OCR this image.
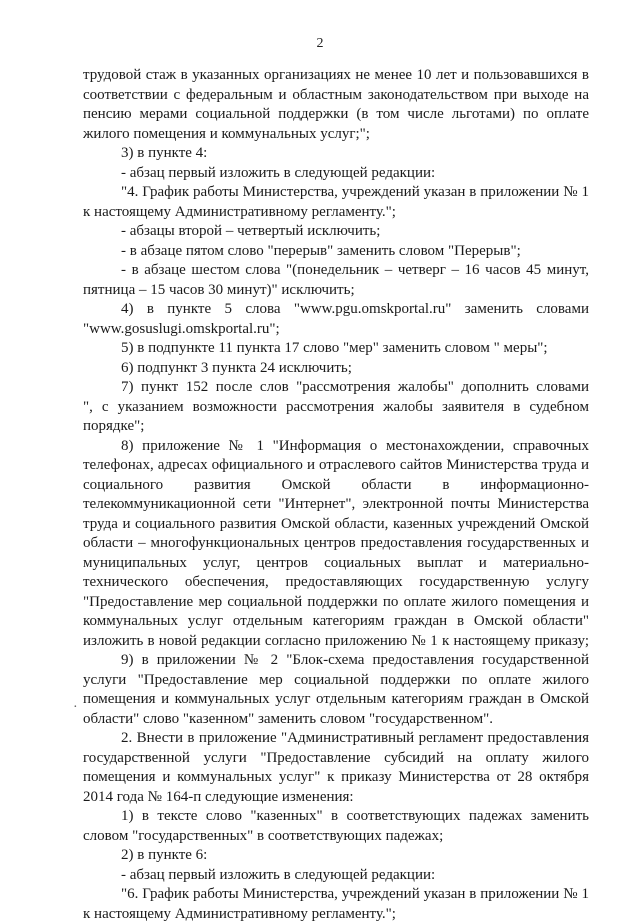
2
·
трудовой стаж в указанных организациях не менее 10 лет и пользовавшихся в
соответствии с федеральным и областным законодательством при выходе на
пенсию мерами социальной поддержки (в том числе льготами) по оплате
жилого помещения и коммунальных услуг;";
3) в пункте 4:
- абзац первый изложить в следующей редакции:
"4. График работы Министерства, учреждений указан в приложении № 1
к настоящему Административному регламенту.";
- абзацы второй – четвертый исключить;
- в абзаце пятом слово "перерыв" заменить словом "Перерыв";
- в абзаце шестом слова "(понедельник – четверг – 16 часов 45 минут,
пятница – 15 часов 30 минут)" исключить;
4) в пункте 5 слова "www.pgu.omskportal.ru" заменить словами
"www.gosuslugi.omskportal.ru";
5) в подпункте 11 пункта 17 слово "мер" заменить словом " меры";
6) подпункт 3 пункта 24 исключить;
7) пункт 152 после слов "рассмотрения жалобы" дополнить словами
", с указанием возможности рассмотрения жалобы заявителя в судебном
порядке";
8) приложение № 1 "Информация о местонахождении, справочных
телефонах, адресах официального и отраслевого сайтов Министерства труда и
социального развития Омской области в информационно-
телекоммуникационной сети "Интернет", электронной почты Министерства
труда и социального развития Омской области, казенных учреждений Омской
области – многофункциональных центров предоставления государственных и
муниципальных услуг, центров социальных выплат и материально-
технического обеспечения, предоставляющих государственную услугу
"Предоставление мер социальной поддержки по оплате жилого помещения и
коммунальных услуг отдельным категориям граждан в Омской области"
изложить в новой редакции согласно приложению № 1 к настоящему приказу;
9) в приложении № 2 "Блок-схема предоставления государственной
услуги "Предоставление мер социальной поддержки по оплате жилого
помещения и коммунальных услуг отдельным категориям граждан в Омской
области" слово "казенном" заменить словом "государственном".
2. Внести в приложение "Административный регламент предоставления
государственной услуги "Предоставление субсидий на оплату жилого
помещения и коммунальных услуг" к приказу Министерства от 28 октября
2014 года № 164-п следующие изменения:
1) в тексте слово "казенных" в соответствующих падежах заменить
словом "государственных" в соответствующих падежах;
2) в пункте 6:
- абзац первый изложить в следующей редакции:
"6. График работы Министерства, учреждений указан в приложении № 1
к настоящему Административному регламенту.";
